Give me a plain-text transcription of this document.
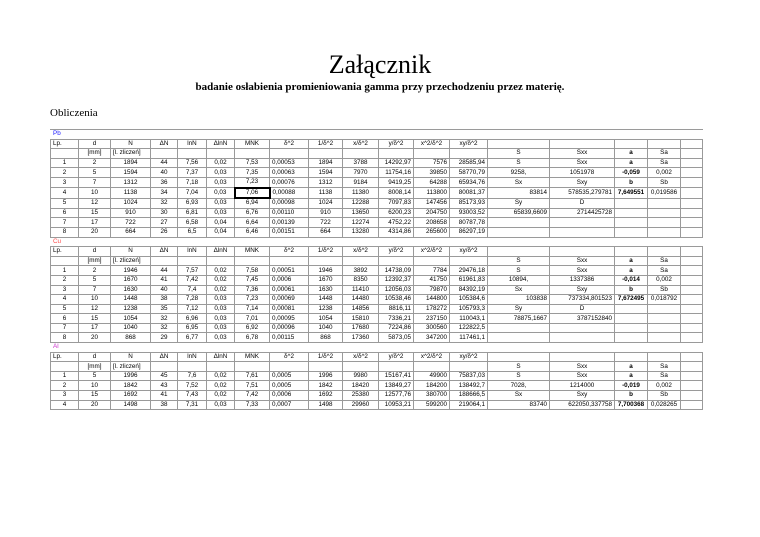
Załącznik
badanie osłabienia promieniowania gamma przy przechodzeniu przez materię.
Obliczenia
Pb																	
Lp.	d	N	ΔN	lnN	ΔlnN	MNK	δ^2	1/δ^2	x/δ^2	y/δ^2	x^2/δ^2	xy/δ^2					
	[mm]	[l. zliczeń]											S	Sxx	a	Sa	
1	2	1894	44	7,56	0,02	7,53	0,00053	1894	3788	14292,97	7576	28585,94	S	Sxx	a	Sa	
2	5	1594	40	7,37	0,03	7,35	0,00063	1594	7970	11754,16	39850	58770,79	9258,	1051978	-0,059	0,002	
3	7	1312	36	7,18	0,03	7,23	0,00076	1312	9184	9419,25	64288	65934,76	Sx	Sxy	b	Sb	
4	10	1138	34	7,04	0,03	7,06	0,00088	1138	11380	8008,14	113800	80081,37	83814	578535,279781	7,649551	0,019586	
5	12	1024	32	6,93	0,03	6,94	0,00098	1024	12288	7097,83	147456	85173,93	Sy	D			
6	15	910	30	6,81	0,03	6,76	0,00110	910	13650	6200,23	204750	93003,52	65839,6609	2714425728			
7	17	722	27	6,58	0,04	6,64	0,00139	722	12274	4752,22	208658	80787,78					
8	20	664	26	6,5	0,04	6,46	0,00151	664	13280	4314,86	265600	86297,19					
Cu																	
Lp.	d	N	ΔN	lnN	ΔlnN	MNK	δ^2	1/δ^2	x/δ^2	y/δ^2	x^2/δ^2	xy/δ^2					
	[mm]	[l. zliczeń]											S	Sxx	a	Sa	
1	2	1946	44	7,57	0,02	7,58	0,00051	1946	3892	14738,09	7784	29476,18	S	Sxx	a	Sa	
2	5	1670	41	7,42	0,02	7,45	0,0006	1670	8350	12392,37	41750	61961,83	10894,	1337386	-0,014	0,002	
3	7	1630	40	7,4	0,02	7,36	0,00061	1630	11410	12056,03	79870	84392,19	Sx	Sxy	b	Sb	
4	10	1448	38	7,28	0,03	7,23	0,00069	1448	14480	10538,46	144800	105384,6	103838	737334,801523	7,672495	0,018792	
5	12	1238	35	7,12	0,03	7,14	0,00081	1238	14856	8816,11	178272	105793,3	Sy	D			
6	15	1054	32	6,96	0,03	7,01	0,00095	1054	15810	7336,21	237150	110043,1	78875,1667	3787152840			
7	17	1040	32	6,95	0,03	6,92	0,00096	1040	17680	7224,86	300560	122822,5					
8	20	868	29	6,77	0,03	6,78	0,00115	868	17360	5873,05	347200	117461,1					
Al																	
Lp.	d	N	ΔN	lnN	ΔlnN	MNK	δ^2	1/δ^2	x/δ^2	y/δ^2	x^2/δ^2	xy/δ^2					
	[mm]	[l. zliczeń]											S	Sxx	a	Sa	
1	5	1996	45	7,6	0,02	7,61	0,0005	1996	9980	15167,41	49900	75837,03	S	Sxx	a	Sa	
2	10	1842	43	7,52	0,02	7,51	0,0005	1842	18420	13849,27	184200	138492,7	7028,	1214000	-0,019	0,002	
3	15	1692	41	7,43	0,02	7,42	0,0006	1692	25380	12577,76	380700	188666,5	Sx	Sxy	b	Sb	
4	20	1498	38	7,31	0,03	7,33	0,0007	1498	29960	10953,21	599200	219064,1	83740	622050,337758	7,700368	0,028265	
